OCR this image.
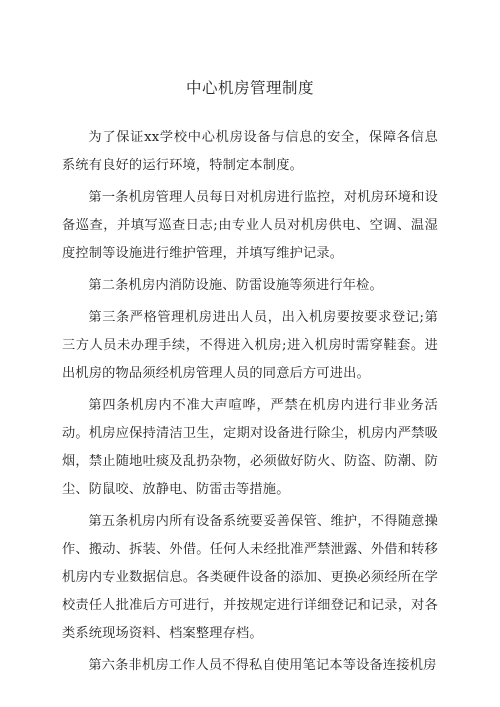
中心机房管理制度

为了保证xx学校中心机房设备与信息的安全，保障各信息系统有良好的运行环境，特制定本制度。

第一条机房管理人员每日对机房进行监控，对机房环境和设备巡查，并填写巡查日志;由专业人员对机房供电、空调、温湿度控制等设施进行维护管理，并填写维护记录。

第二条机房内消防设施、防雷设施等须进行年检。

第三条严格管理机房进出人员，出入机房要按要求登记;第三方人员未办理手续，不得进入机房;进入机房时需穿鞋套。进出机房的物品须经机房管理人员的同意后方可进出。

第四条机房内不准大声喧哗，严禁在机房内进行非业务活动。机房应保持清洁卫生，定期对设备进行除尘，机房内严禁吸烟，禁止随地吐痰及乱扔杂物，必须做好防火、防盗、防潮、防尘、防鼠咬、放静电、防雷击等措施。

第五条机房内所有设备系统要妥善保管、维护，不得随意操作、搬动、拆装、外借。任何人未经批准严禁泄露、外借和转移机房内专业数据信息。各类硬件设备的添加、更换必须经所在学校责任人批准后方可进行，并按规定进行详细登记和记录，对各类系统现场资料、档案整理存档。

第六条非机房工作人员不得私自使用笔记本等设备连接机房
